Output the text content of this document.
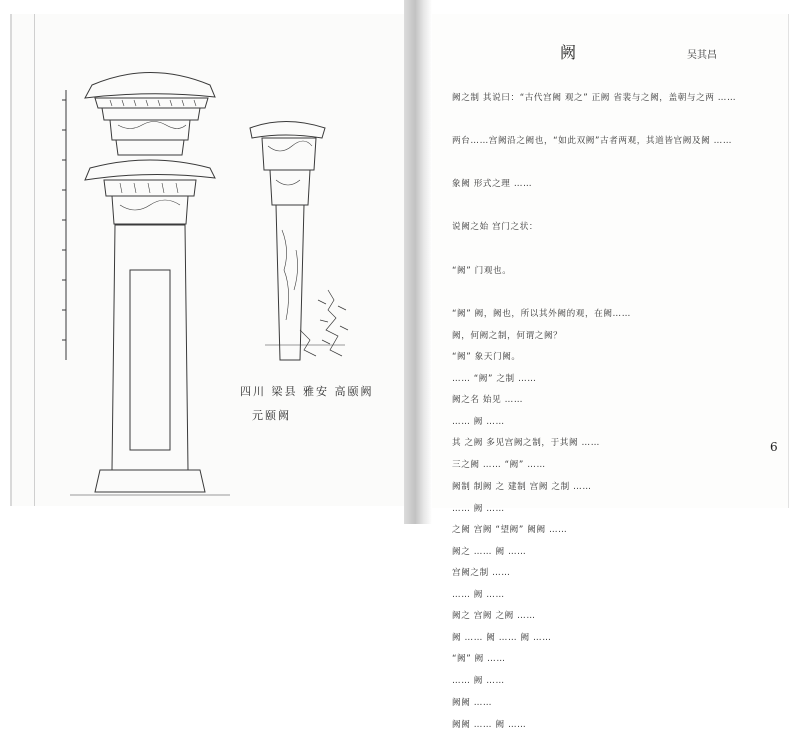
四川 梁县 雅安 高颐阙
元颐阙
阙	吴其昌

阙之制 其说曰：“古代宫阙 观之” 正阙 省裴与之阙，盖朝与之两 ……

两台……宫阙沿之阙也，“如此双阙”古者两观，其道皆官阙及阙 ……

象阙 形式之理 ……

说阙之始 宫门之状：

“阙” 门观也。

“阙” 阙，阙也，所以其外阙的观，在阙……

“阙” 象天门阙。

阙之名 始见 ……

其 之阙 多见宫阙之制，于其阙 ……

阙制 制阙 之 建制 宫阙 之制 ……

之阙 宫阙 “望阙” 阙阙 ……

宫阙之制 ……

阙之 宫阙 之阙 ……

“阙” 阙 ……

阙阙 ……

阙，何阙之制，何谓之阙？

…… “阙” 之制 ……

…… 阙 ……

三之阙 …… “阙” ……

…… 阙 ……

阙之 …… 阙 ……

…… 阙 ……

阙 …… 阙 …… 阙 ……

…… 阙 ……

阙阙 …… 阙 ……

6
